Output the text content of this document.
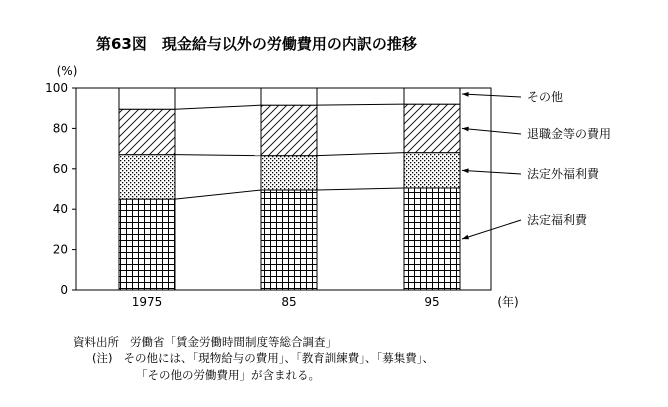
第63図　現金給与以外の労働費用の内訳の推移
0
20
40
60
80
100
(%)
1975	85	95	(年)
法定福利費
法定外福利費
退職金等の費用
その他
資料出所 労働省「賃金労働時間制度等総合調査」
(注) その他には、「現物給与の費用」、「教育訓練費」、「募集費」、
「その他の労働費用」が含まれる。
